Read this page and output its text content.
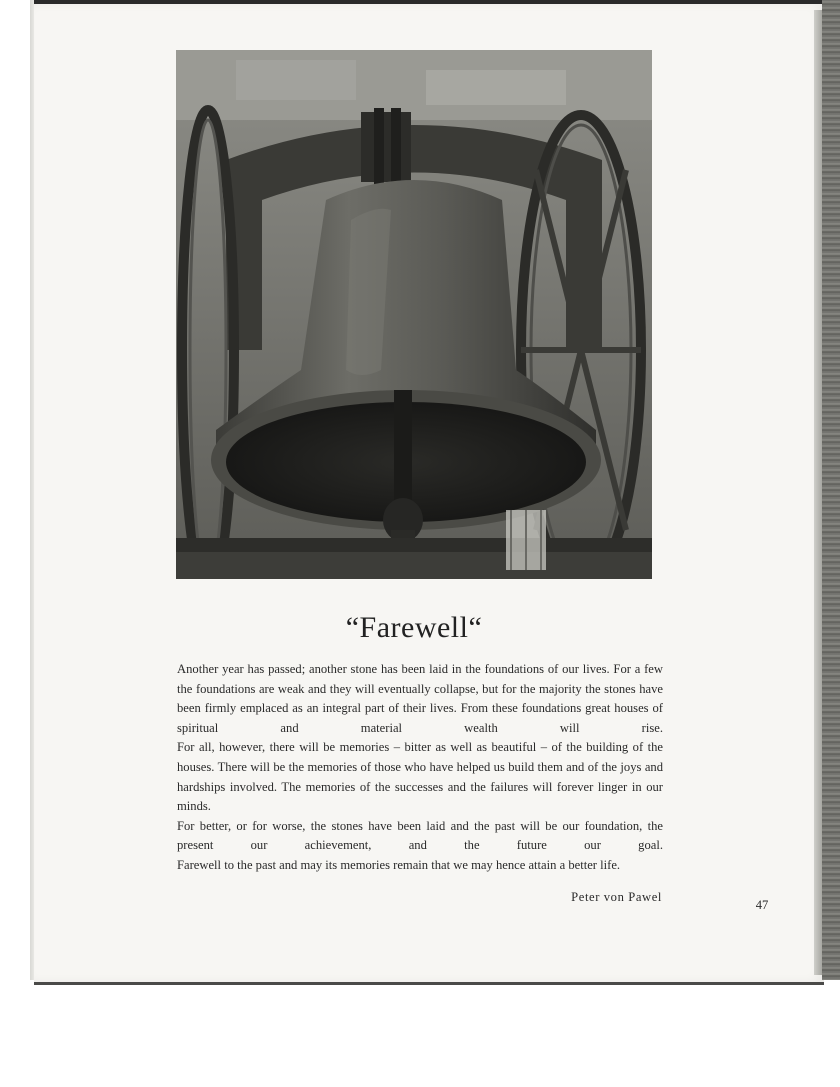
“Farewell“

Another year has passed; another stone has been laid in the foundations of our lives. For a few the foundations are weak and they will eventually collapse, but for the majority the stones have been firmly emplaced as an integral part of their lives. From these foundations great houses of spiritual and material wealth will rise.

For all, however, there will be memories – bitter as well as beautiful – of the building of the houses. There will be the memories of those who have helped us build them and of the joys and hardships involved. The memories of the successes and the failures will forever linger in our minds.

For better, or for worse, the stones have been laid and the past will be our foundation, the present our achievement, and the future our goal.

Farewell to the past and may its memories remain that we may hence attain a better life.

Peter von Pawel
47
